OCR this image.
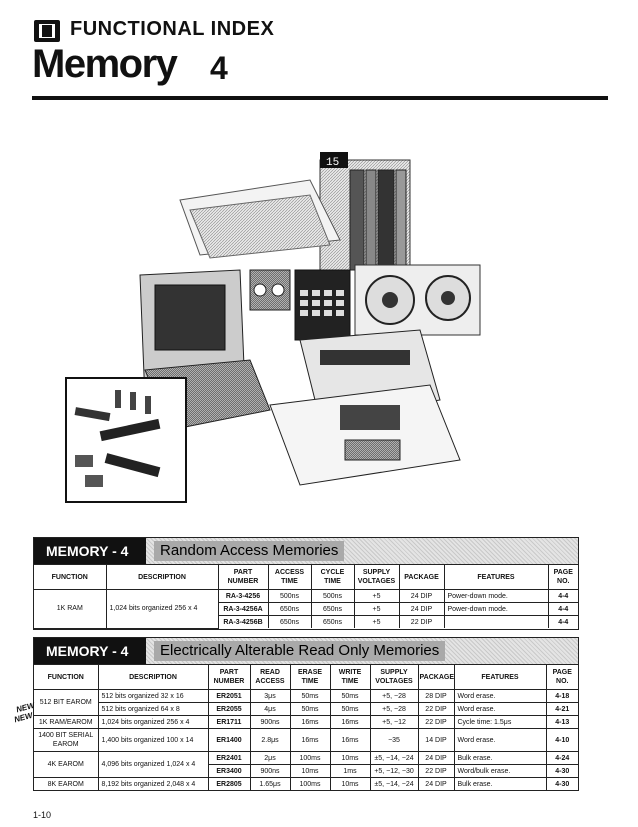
FUNCTIONAL INDEX
Memory 4
15
MEMORY - 4	Random Access Memories
FUNCTION	DESCRIPTION	PART NUMBER	ACCESS TIME	CYCLE TIME	SUPPLY VOLTAGES	PACKAGE	FEATURES	PAGE NO.
1K RAM	1,024 bits organized 256 x 4	RA-3-4256	500ns	500ns	+5	24 DIP	Power-down mode.	4-4
		RA-3-4256A	650ns	650ns	+5	24 DIP	Power-down mode.	4-4
		RA-3-4256B	650ns	650ns	+5	22 DIP		4-4
MEMORY - 4	Electrically Alterable Read Only Memories
FUNCTION	DESCRIPTION	PART NUMBER	READ ACCESS	ERASE TIME	WRITE TIME	SUPPLY VOLTAGES	PACKAGE	FEATURES	PAGE NO.
512 BIT EAROM	512 bits organized 32 x 16	ER2051	3μs	50ms	50ms	+5, −28	28 DIP	Word erase.	4-18
	512 bits organized 64 x 8	ER2055	4μs	50ms	50ms	+5, −28	22 DIP	Word erase.	4-21
1K RAM/EAROM	1,024 bits organized 256 x 4	ER1711	900ns	16ms	16ms	+5, −12	22 DIP	Cycle time: 1.5μs	4-13
1400 BIT SERIAL EAROM	1,400 bits organized 100 x 14	ER1400	2.8μs	16ms	16ms	−35	14 DIP	Word erase.	4-10
4K EAROM	4,096 bits organized 1,024 x 4	ER2401	2μs	100ms	10ms	±5, −14, −24	24 DIP	Bulk erase.	4-24
		ER3400	900ns	10ms	1ms	+5, −12, −30	22 DIP	Word/bulk erase.	4-30
8K EAROM	8,192 bits organized 2,048 x 4	ER2805	1.65μs	100ms	10ms	±5, −14, −24	24 DIP	Bulk erase.	4-30
NEW
NEW
1-10
